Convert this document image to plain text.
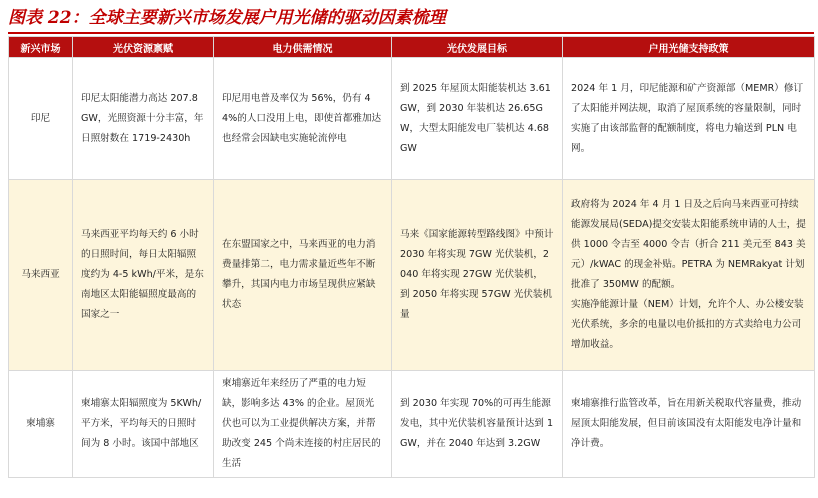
图表 22：全球主要新兴市场发展户用光储的驱动因素梳理
新兴市场	光伏资源禀赋	电力供需情况	光伏发展目标	户用光储支持政策
印尼	印尼太阳能潜力高达 207.8 GW，光照资源十分丰富，年日照射数在 1719-2430h	印尼用电普及率仅为 56%，仍有 44%的人口没用上电，即使首都雅加达也经常会因缺电实施轮流停电	到 2025 年屋顶太阳能装机达 3.61GW，到 2030 年装机达 26.65GW，大型太阳能发电厂装机达 4.68GW	2024 年 1 月，印尼能源和矿产资源部（MEMR）修订了太阳能并网法规，取消了屋顶系统的容量限制，同时实施了由该部监督的配额制度，将电力输送到 PLN 电网。

马来西亚	马来西亚平均每天约 6 小时的日照时间，每日太阳辐照度约为 4-5 kWh/平米，是东南地区太阳能辐照度最高的国家之一	在东盟国家之中，马来西亚的电力消费量排第二，电力需求量近些年不断攀升，其国内电力市场呈现供应紧缺状态	马来《国家能源转型路线图》中预计 2030 年将实现 7GW 光伏装机，2040 年将实现 27GW 光伏装机， 到 2050 年将实现 57GW 光伏装机量	政府将为 2024 年 4 月 1 日及之后向马来西亚可持续能源发展局(SEDA)提交安装太阳能系统申请的人士，提供 1000 令吉至 4000 令吉（折合 211 美元至 843 美元）/kWAC 的现金补贴。PETRA 为 NEMRakyat 计划批准了 350MW 的配额。
实施净能源计量（NEM）计划，允许个人、办公楼安装光伏系统，多余的电量以电价抵扣的方式卖给电力公司增加收益。

柬埔寨	柬埔寨太阳辐照度为 5KWh/平方米，平均每天的日照时间为 8 小时。该国中部地区	柬埔寨近年来经历了严重的电力短缺，影响多达 43% 的企业。屋顶光伏也可以为工业提供解决方案，并帮助改变 245 个尚未连接的村庄居民的生活	到 2030 年实现 70%的可再生能源发电，其中光伏装机容量预计达到 1GW，并在 2040 年达到 3.2GW	柬埔寨推行监管改革，旨在用新关税取代容量费，推动屋顶太阳能发展，但目前该国没有太阳能发电净计量和净计费。
